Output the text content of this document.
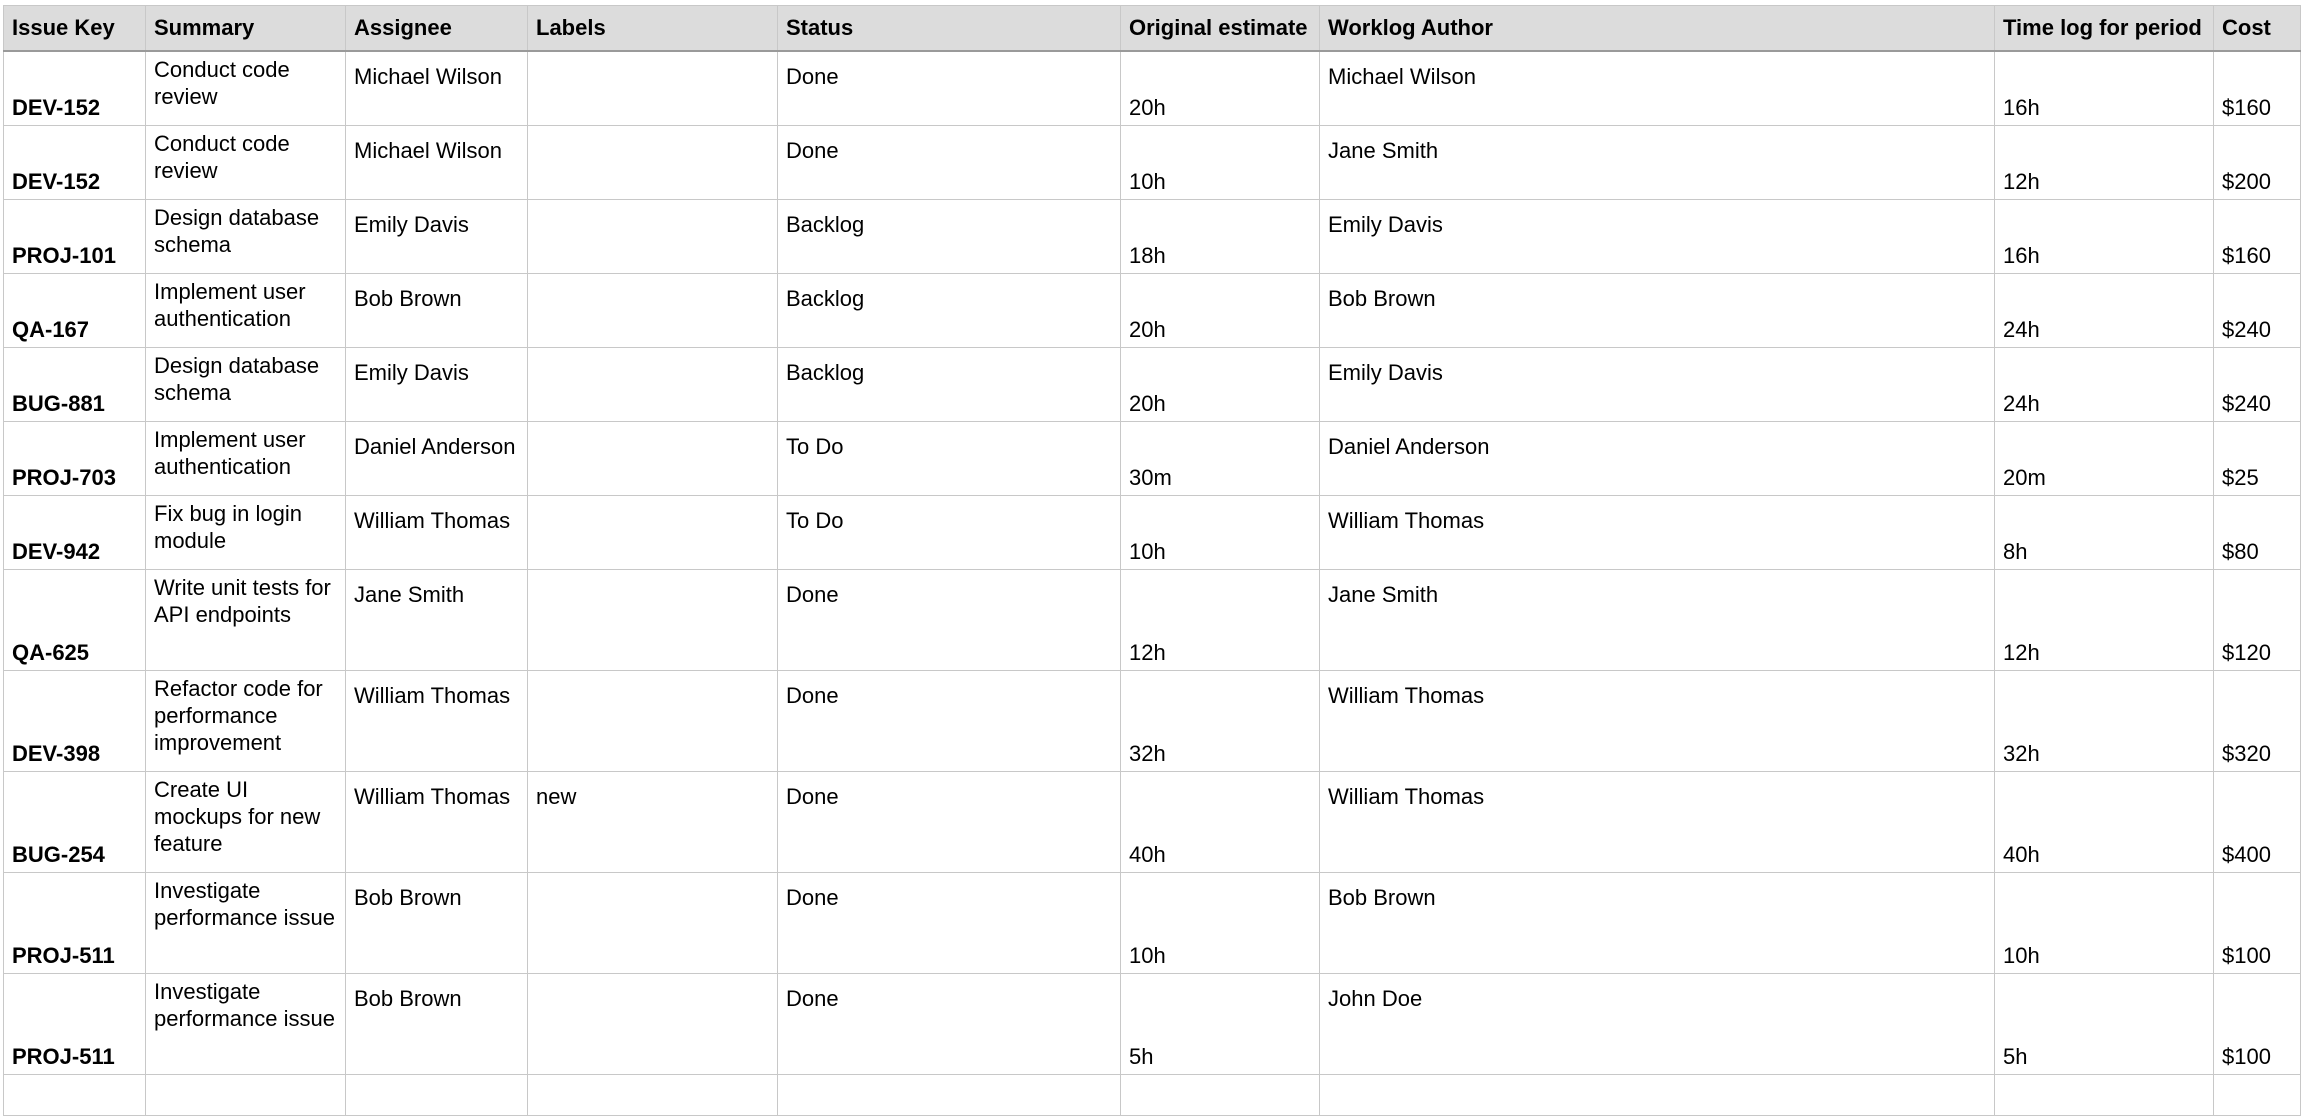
Issue Key	Summary	Assignee	Labels	Status	Original estimate	Worklog Author	Time log for period	Cost
DEV-152	Conduct code review	Michael Wilson		Done	20h	Michael Wilson	16h	$160
DEV-152	Conduct code review	Michael Wilson		Done	10h	Jane Smith	12h	$200
PROJ-101	Design database schema	Emily Davis		Backlog	18h	Emily Davis	16h	$160
QA-167	Implement user authentication	Bob Brown		Backlog	20h	Bob Brown	24h	$240
BUG-881	Design database schema	Emily Davis		Backlog	20h	Emily Davis	24h	$240
PROJ-703	Implement user authentication	Daniel Anderson		To Do	30m	Daniel Anderson	20m	$25
DEV-942	Fix bug in login module	William Thomas		To Do	10h	William Thomas	8h	$80
QA-625	Write unit tests for API endpoints	Jane Smith		Done	12h	Jane Smith	12h	$120
DEV-398	Refactor code for performance improvement	William Thomas		Done	32h	William Thomas	32h	$320
BUG-254	Create UI mockups for new feature	William Thomas	new	Done	40h	William Thomas	40h	$400
PROJ-511	Investigate performance issue	Bob Brown		Done	10h	Bob Brown	10h	$100
PROJ-511	Investigate performance issue	Bob Brown		Done	5h	John Doe	5h	$100
